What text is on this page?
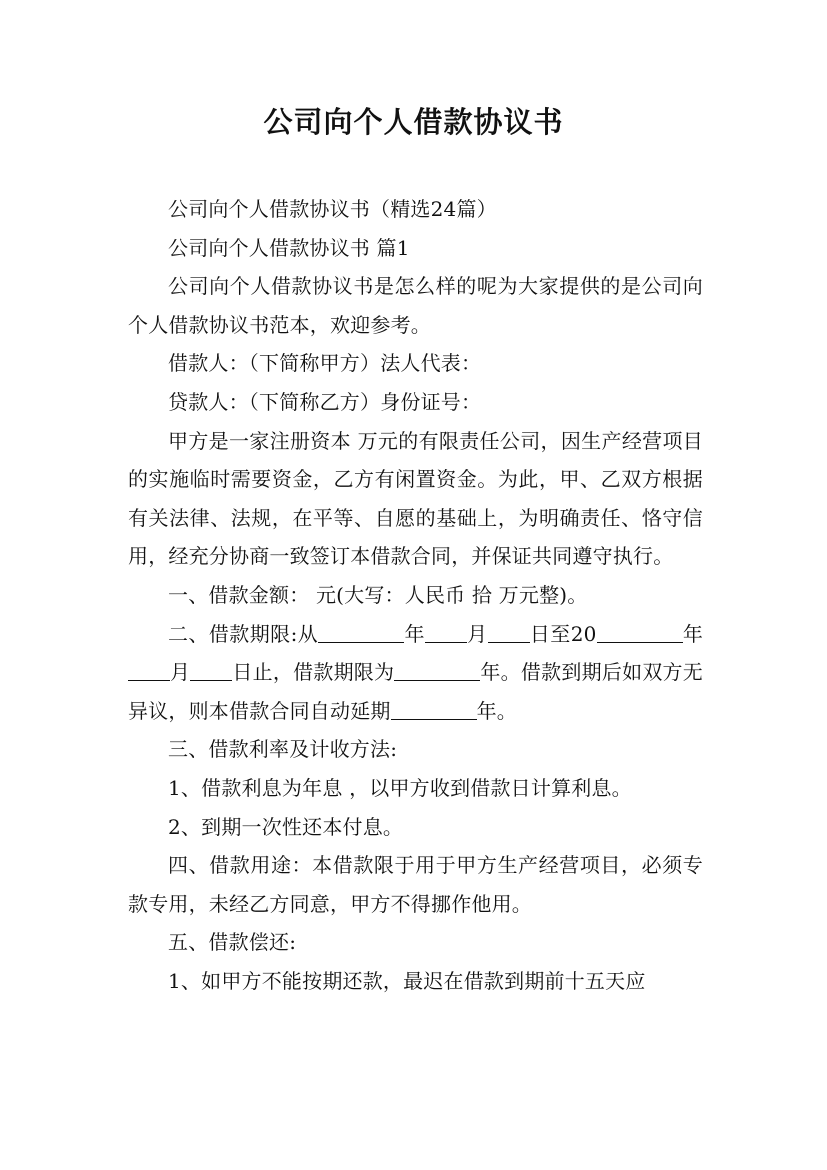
公司向个人借款协议书

公司向个人借款协议书（精选24篇）

公司向个人借款协议书 篇1

公司向个人借款协议书是怎么样的呢为大家提供的是公司向个人借款协议书范本，欢迎参考。

借款人：（下简称甲方）法人代表：

贷款人：（下简称乙方）身份证号：

甲方是一家注册资本 万元的有限责任公司，因生产经营项目的实施临时需要资金，乙方有闲置资金。为此，甲、乙双方根据有关法律、法规，在平等、自愿的基础上，为明确责任、恪守信用，经充分协商一致签订本借款合同，并保证共同遵守执行。

一、借款金额： 元(大写：人民币 拾 万元整)。

二、借款期限:从	年 月 日至20	年月 日止，借款期限为	年。借款到期后如双方无异议，则本借款合同自动延期	年。

三、借款利率及计收方法:

1、借款利息为年息 ，以甲方收到借款日计算利息。

2、到期一次性还本付息。

四、借款用途：本借款限于用于甲方生产经营项目，必须专款专用，未经乙方同意，甲方不得挪作他用。

五、借款偿还:

1、如甲方不能按期还款，最迟在借款到期前十五天应
